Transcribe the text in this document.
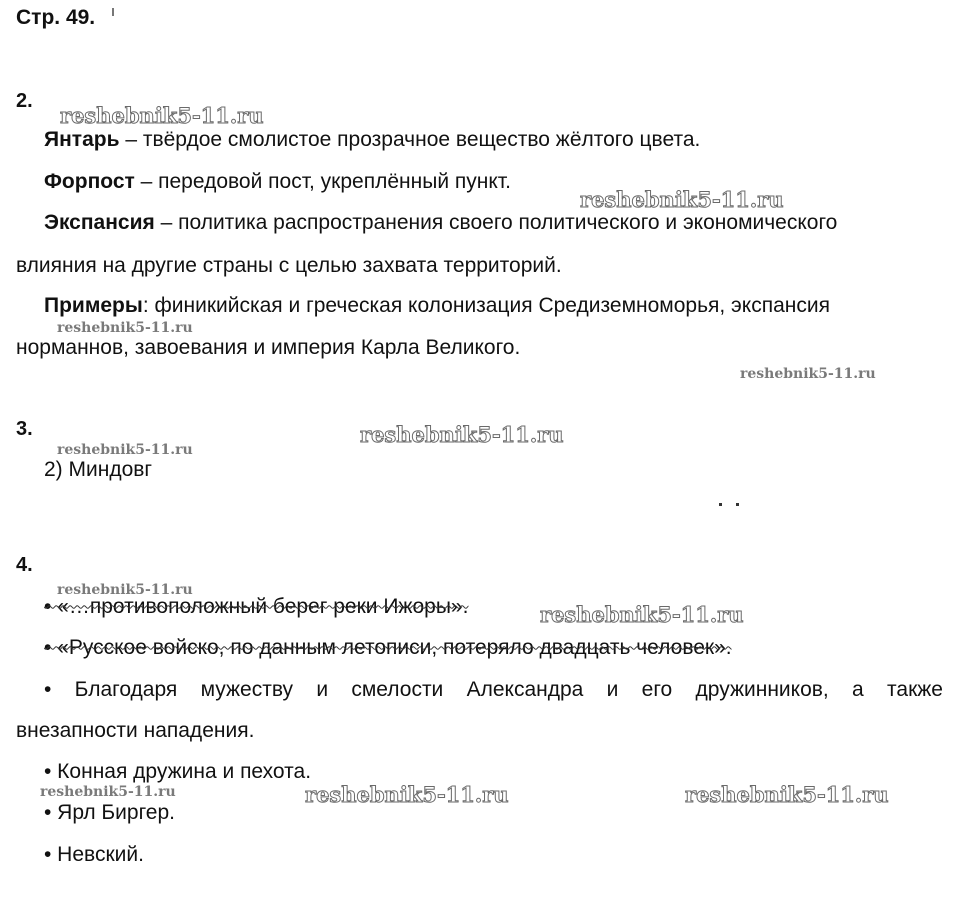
Стр. 49.
2.
Янтарь – твёрдое смолистое прозрачное вещество жёлтого цвета.
Форпост – передовой пост, укреплённый пункт.
Экспансия – политика распространения своего политического и экономического
влияния на другие страны с целью захвата территорий.
Примеры: финикийская и греческая колонизация Средиземноморья, экспансия
норманнов, завоевания и империя Карла Великого.
3.
2) Миндовг
4.
• «…противоположный берег реки Ижоры».
• «Русское войско, по данным летописи, потеряло двадцать человек».
• Благодаря мужеству и смелости Александра и его дружинников, а также
внезапности нападения.
• Конная дружина и пехота.
• Ярл Биргер.
• Невский.
reshebnik5-11.ru
reshebnik5-11.ru
reshebnik5-11.ru
reshebnik5-11.ru
reshebnik5-11.ru
reshebnik5-11.ru
reshebnik5-11.ru
reshebnik5-11.ru
reshebnik5-11.ru	reshebnik5-11.ru	reshebnik5-11.ru
